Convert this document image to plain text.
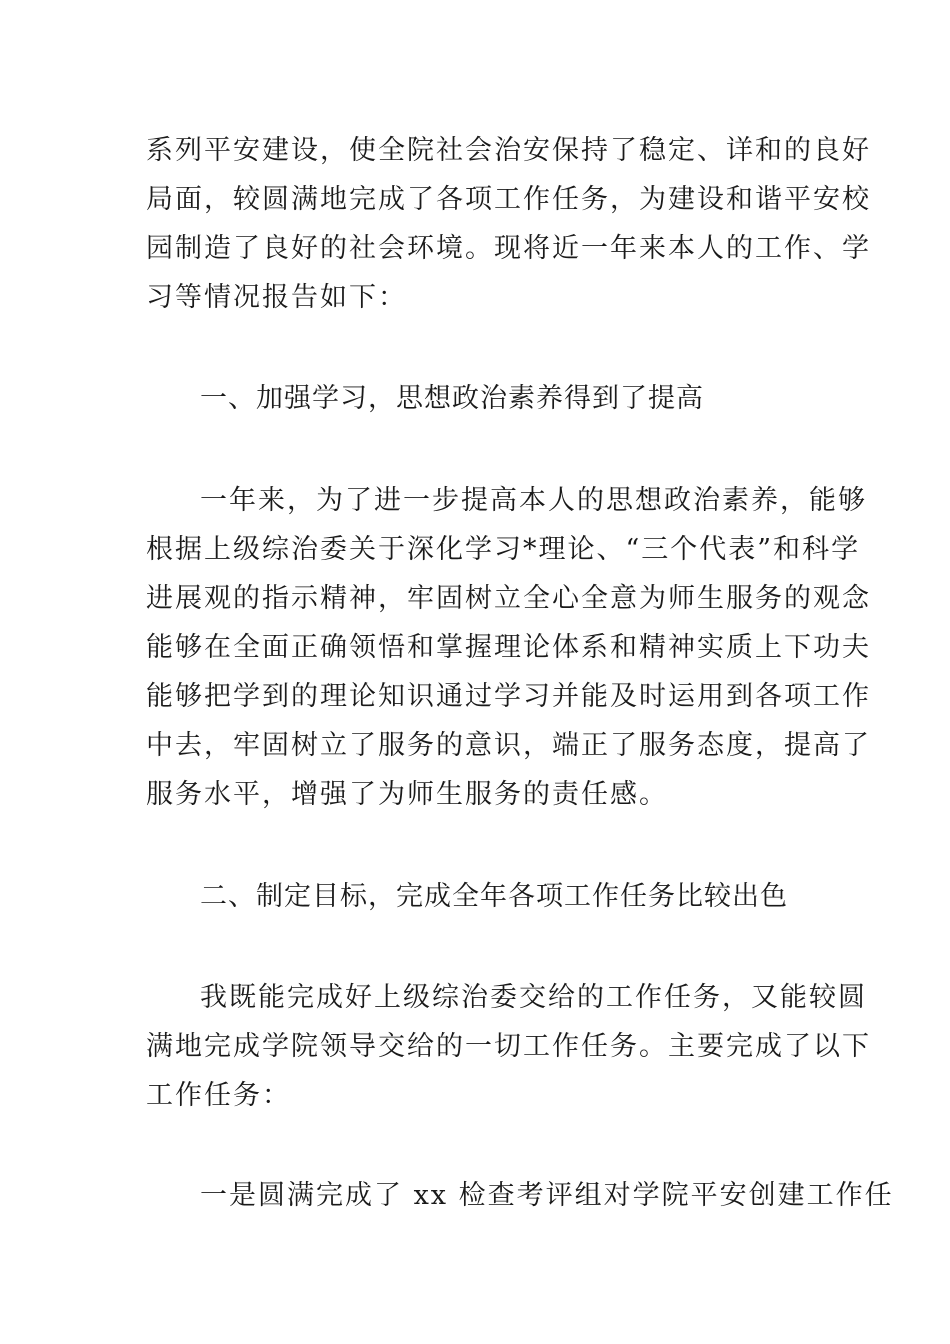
系列平安建设，使全院社会治安保持了稳定、详和的良好
局面，较圆满地完成了各项工作任务，为建设和谐平安校
园制造了良好的社会环境。现将近一年来本人的工作、学
习等情况报告如下：
一、加强学习，思想政治素养得到了提高
一年来，为了进一步提高本人的思想政治素养，能够
根据上级综治委关于深化学习*理论、“三个代表”和科学
进展观的指示精神，牢固树立全心全意为师生服务的观念
能够在全面正确领悟和掌握理论体系和精神实质上下功夫
能够把学到的理论知识通过学习并能及时运用到各项工作
中去，牢固树立了服务的意识，端正了服务态度，提高了
服务水平，增强了为师生服务的责任感。
二、制定目标，完成全年各项工作任务比较出色
我既能完成好上级综治委交给的工作任务，又能较圆
满地完成学院领导交给的一切工作任务。主要完成了以下
工作任务：
一是圆满完成了 xx 检查考评组对学院平安创建工作任
